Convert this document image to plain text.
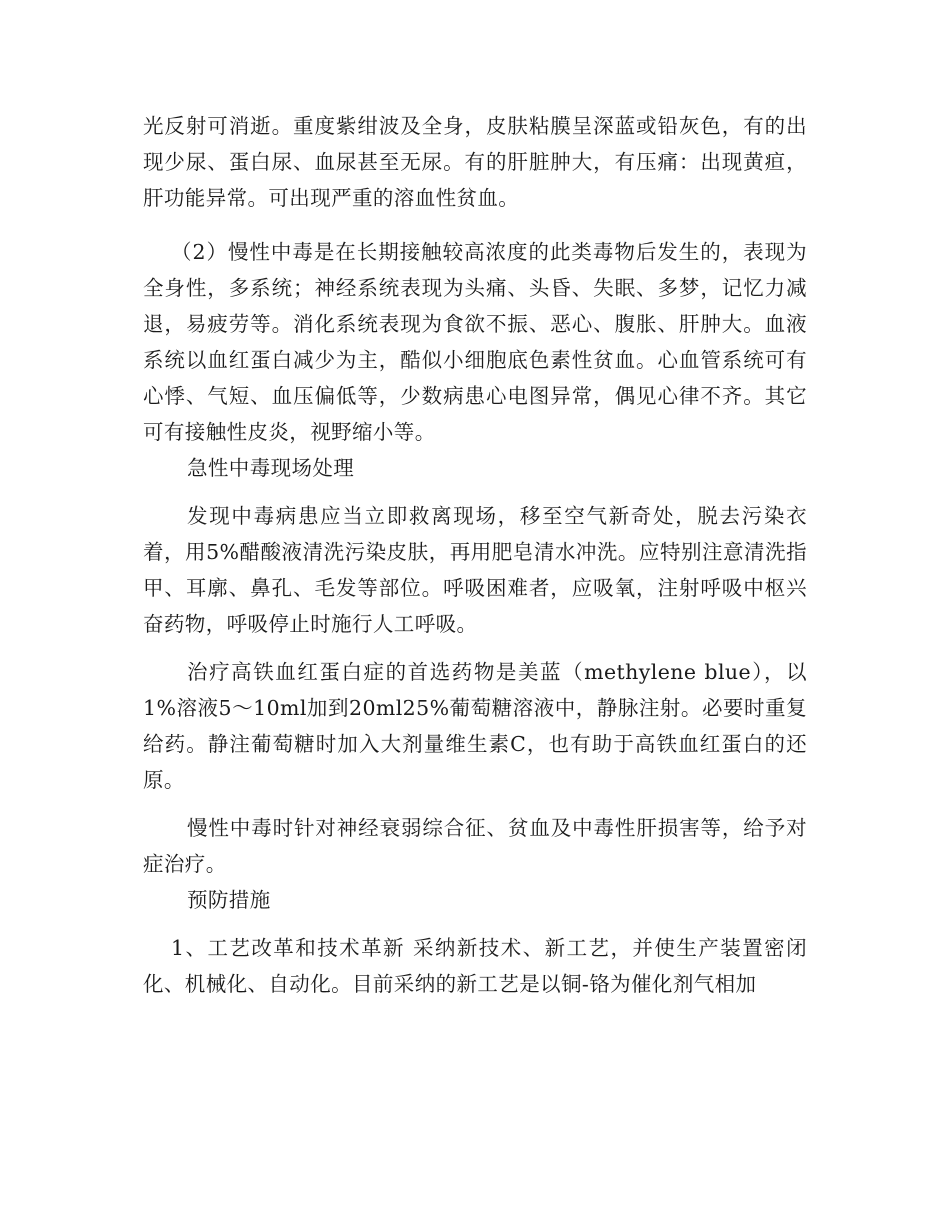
光反射可消逝。重度紫绀波及全身，皮肤粘膜呈深蓝或铅灰色，有的出现少尿、蛋白尿、血尿甚至无尿。有的肝脏肿大，有压痛：出现黄疸，肝功能异常。可出现严重的溶血性贫血。

（2）慢性中毒是在长期接触较高浓度的此类毒物后发生的，表现为全身性，多系统；神经系统表现为头痛、头昏、失眠、多梦，记忆力减退，易疲劳等。消化系统表现为食欲不振、恶心、腹胀、肝肿大。血液系统以血红蛋白减少为主，酷似小细胞底色素性贫血。心血管系统可有心悸、气短、血压偏低等，少数病患心电图异常，偶见心律不齐。其它可有接触性皮炎，视野缩小等。

急性中毒现场处理

发现中毒病患应当立即救离现场，移至空气新奇处，脱去污染衣着，用5%醋酸液清洗污染皮肤，再用肥皂清水冲洗。应特别注意清洗指甲、耳廓、鼻孔、毛发等部位。呼吸困难者，应吸氧，注射呼吸中枢兴奋药物，呼吸停止时施行人工呼吸。

治疗高铁血红蛋白症的首选药物是美蓝（methylene blue），以1%溶液5～10ml加到20ml25%葡萄糖溶液中，静脉注射。必要时重复给药。静注葡萄糖时加入大剂量维生素C，也有助于高铁血红蛋白的还原。

慢性中毒时针对神经衰弱综合征、贫血及中毒性肝损害等，给予对症治疗。

预防措施

1、工艺改革和技术革新 采纳新技术、新工艺，并使生产装置密闭化、机械化、自动化。目前采纳的新工艺是以铜-铬为催化剂气相加
